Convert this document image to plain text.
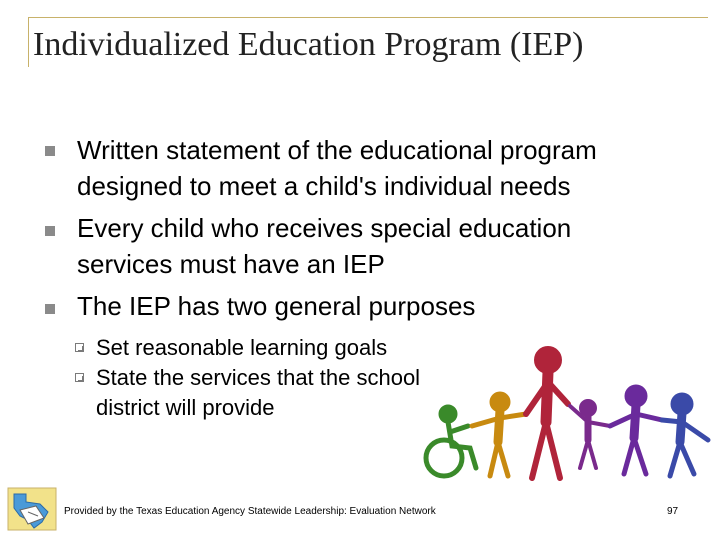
Individualized Education Program (IEP)
Written statement of the educational program
designed to meet a child's individual needs
Every child who receives special education
services must have an IEP
The IEP has two general purposes
Set reasonable learning goals
State the services that the school
district will provide
Provided by the Texas Education Agency Statewide Leadership: Evaluation Network	97
